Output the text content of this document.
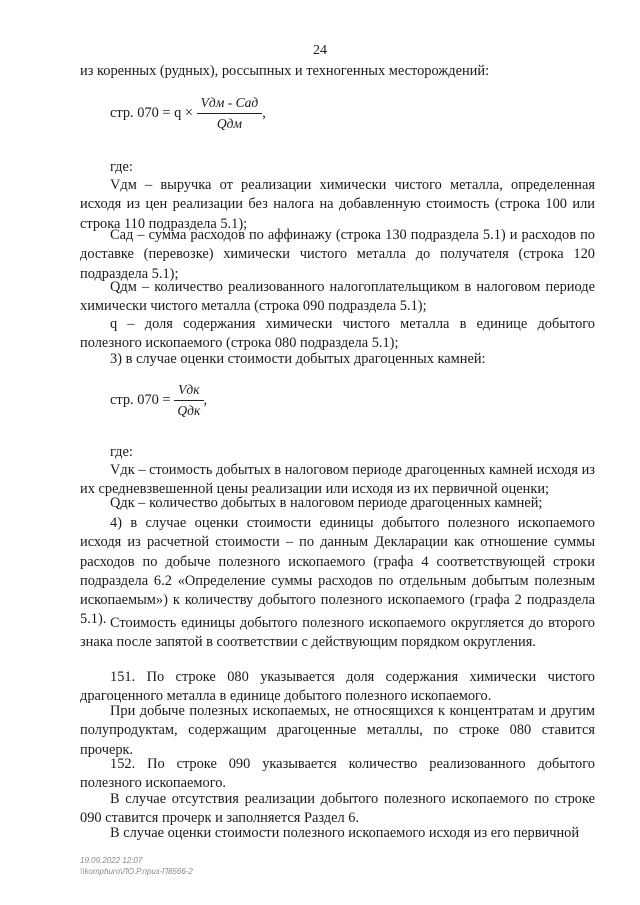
24

из коренных (рудных), россыпных и техногенных месторождений:

стр. $070 = q \times \frac{\text{Vдм - Cад}}{\text{Qдм}}$ ,

где:

Vдм – выручка от реализации химически чистого металла, определенная исходя из цен реализации без налога на добавленную стоимость (строка 100 или строка 110 подраздела 5.1);

Cад – сумма расходов по аффинажу (строка 130 подраздела 5.1) и расходов по доставке (перевозке) химически чистого металла до получателя (строка 120 подраздела 5.1);

Qдм – количество реализованного налогоплательщиком в налоговом периоде химически чистого металла (строка 090 подраздела 5.1);

q – доля содержания химически чистого металла в единице добытого полезного ископаемого (строка 080 подраздела 5.1);

3) в случае оценки стоимости добытых драгоценных камней:

стр. $070 = \frac{\text{Vдк}}{\text{Qдк}}$ ,

где:

Vдк – стоимость добытых в налоговом периоде драгоценных камней исходя из их средневзвешенной цены реализации или исходя из их первичной оценки;

Qдк – количество добытых в налоговом периоде драгоценных камней;

4) в случае оценки стоимости единицы добытого полезного ископаемого исходя из расчетной стоимости – по данным Декларации как отношение суммы расходов по добыче полезного ископаемого (графа 4 соответствующей строки подраздела 6.2 «Определение суммы расходов по отдельным добытым полезным ископаемым») к количеству добытого полезного ископаемого (графа 2 подраздела 5.1). Стоимость единицы добытого полезного ископаемого округляется до второго знака после запятой в соответствии с действующим порядком округления.

151. По строке 080 указывается доля содержания химически чистого драгоценного металла в единице добытого полезного ископаемого.

При добыче полезных ископаемых, не относящихся к концентратам и другим полупродуктам, содержащим драгоценные металлы, по строке 080 ставится прочерк.

152. По строке 090 указывается количество реализованного добытого полезного ископаемого.

В случае отсутствия реализации добытого полезного ископаемого по строке 090 ставится прочерк и заполняется Раздел 6.

В случае оценки стоимости полезного ископаемого исходя из его первичной

19.09.2022 12:07
\\komphuro\ЛО.Р.приз-П8566-2
